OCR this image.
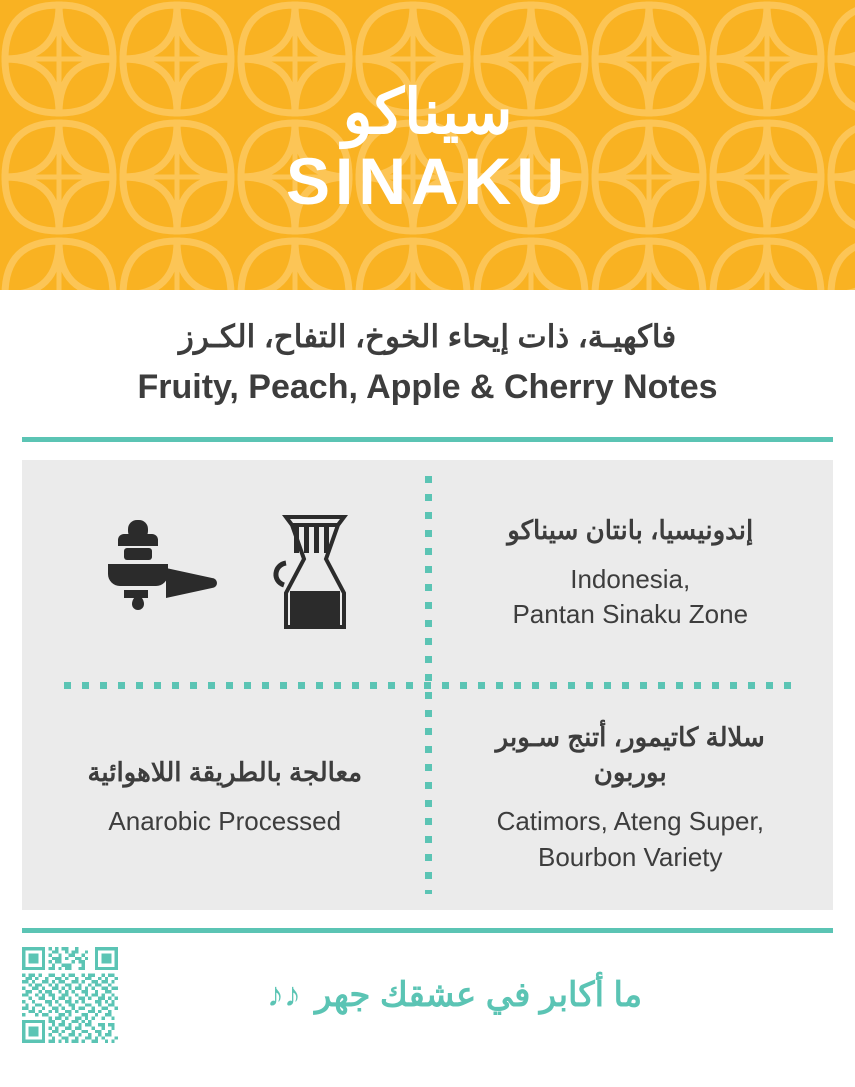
سيناكو
SINAKU
فاكهيـة، ذات إيحاء الخوخ، التفاح، الكـرز
Fruity, Peach, Apple & Cherry Notes
إندونيسيا، بانتان سيناكو
Indonesia,
Pantan Sinaku Zone
معالجة بالطريقة اللاهوائية
Anarobic Processed
سلالة كاتيمور، أتنج سـوبر
بوربون
Catimors, Ateng Super,
Bourbon Variety
♪♪ ما أكابر في عشقك جهر
